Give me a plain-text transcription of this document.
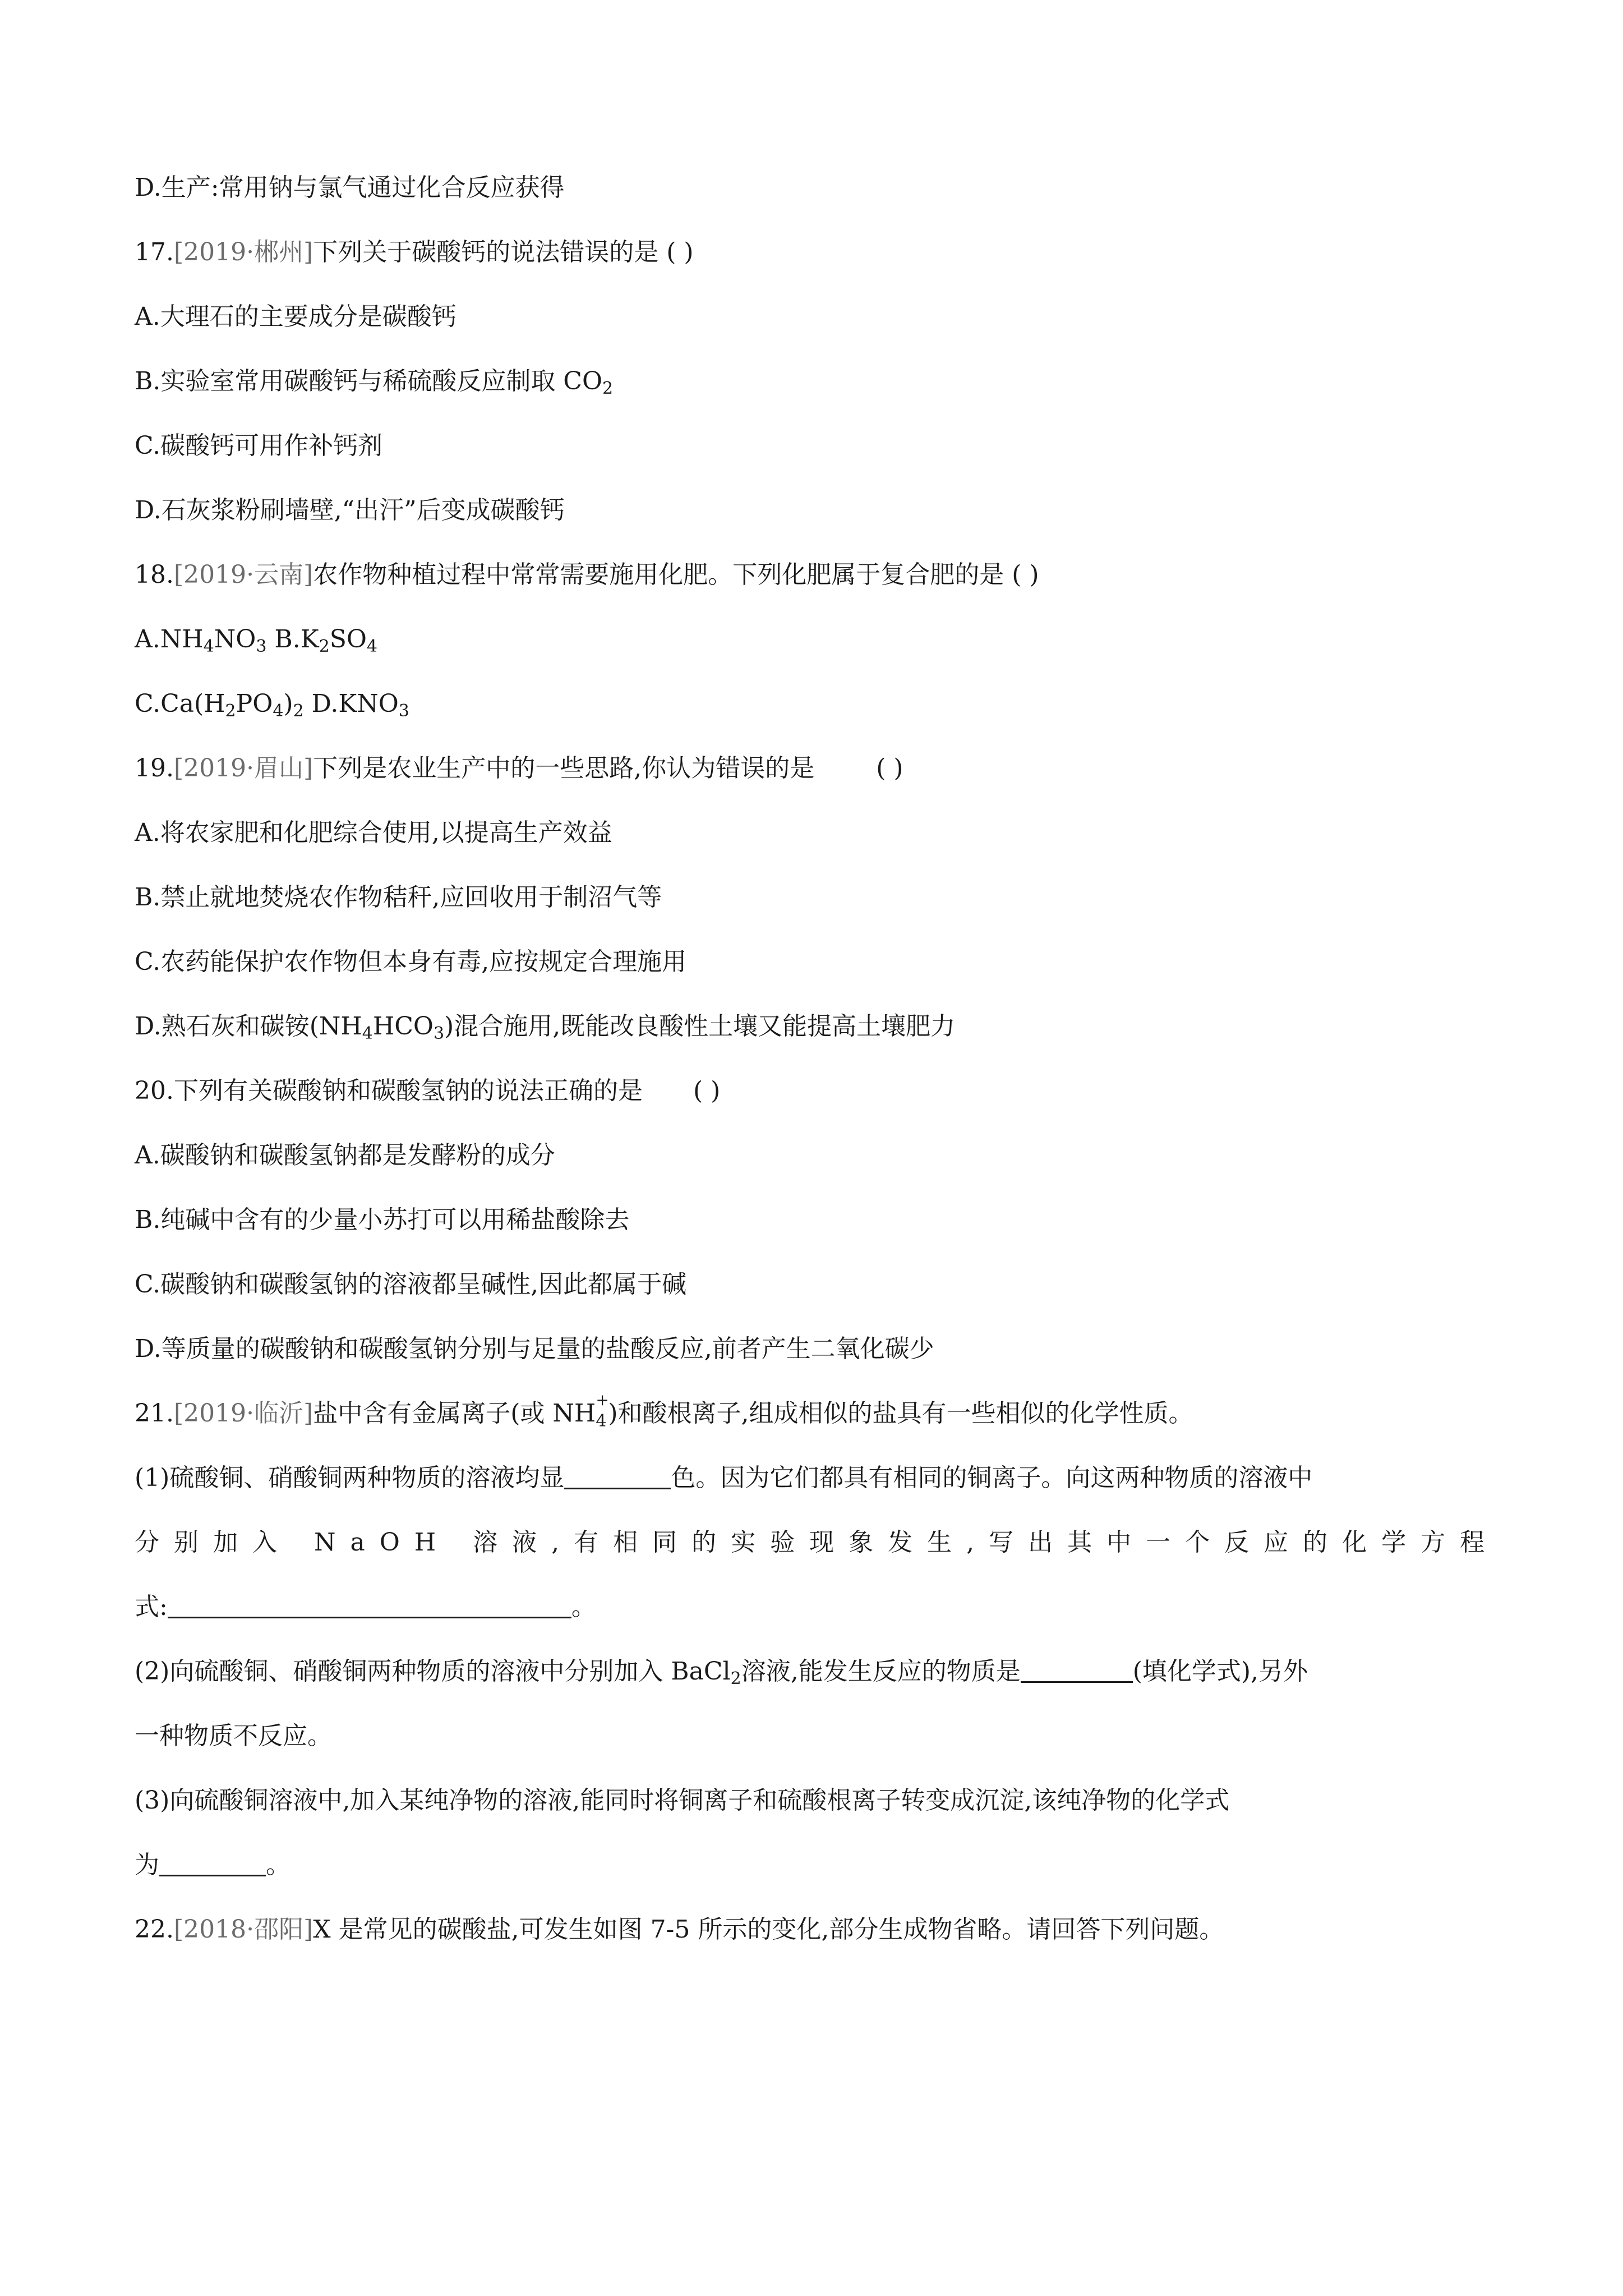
D.生产:常用钠与氯气通过化合反应获得

17.[2019·郴州]下列关于碳酸钙的说法错误的是 ( )

A.大理石的主要成分是碳酸钙

B.实验室常用碳酸钙与稀硫酸反应制取 $CO_2$

C.碳酸钙可用作补钙剂

D.石灰浆粉刷墙壁,“出汗”后变成碳酸钙

18.[2019·云南]农作物种植过程中常常需要施用化肥。下列化肥属于复合肥的是 ( )

$A.NH_4NO_3$ $B.K_2SO_4$

$C.Ca(H_2PO_4)_2$ $D.KNO_3$

19.[2019·眉山]下列是农业生产中的一些思路,你认为错误的是	( )

A.将农家肥和化肥综合使用,以提高生产效益

B.禁止就地焚烧农作物秸秆,应回收用于制沼气等

C.农药能保护农作物但本身有毒,应按规定合理施用

D.熟石灰和碳铵$(NH_4HCO_3)$混合施用,既能改良酸性土壤又能提高土壤肥力

20.下列有关碳酸钠和碳酸氢钠的说法正确的是 ( )

A.碳酸钠和碳酸氢钠都是发酵粉的成分

B.纯碱中含有的少量小苏打可以用稀盐酸除去

C.碳酸钠和碳酸氢钠的溶液都呈碱性,因此都属于碱

D.等质量的碳酸钠和碳酸氢钠分别与足量的盐酸反应,前者产生二氧化碳少

21.[2019·临沂]盐中含有金属离子(或 NH +
4 )和酸根离子,组成相似的盐具有一些相似的化学性质。

(1)硫酸铜、硝酸铜两种物质的溶液均显	色。因为它们都具有相同的铜离子。向这两种物质的溶液中

分别加入 NaOH 溶液,有相同的实验现象发生,写出其中一个反应的化学方程

式:	。

(2)向硫酸铜、硝酸铜两种物质的溶液中分别加入 BaCl$_2$溶液,能发生反应的物质是	(填化学式),另外

一种物质不反应。

(3)向硫酸铜溶液中,加入某纯净物的溶液,能同时将铜离子和硫酸根离子转变成沉淀,该纯净物的化学式

为	。

22.[2018·邵阳]X 是常见的碳酸盐,可发生如图 7-5 所示的变化,部分生成物省略。请回答下列问题。
